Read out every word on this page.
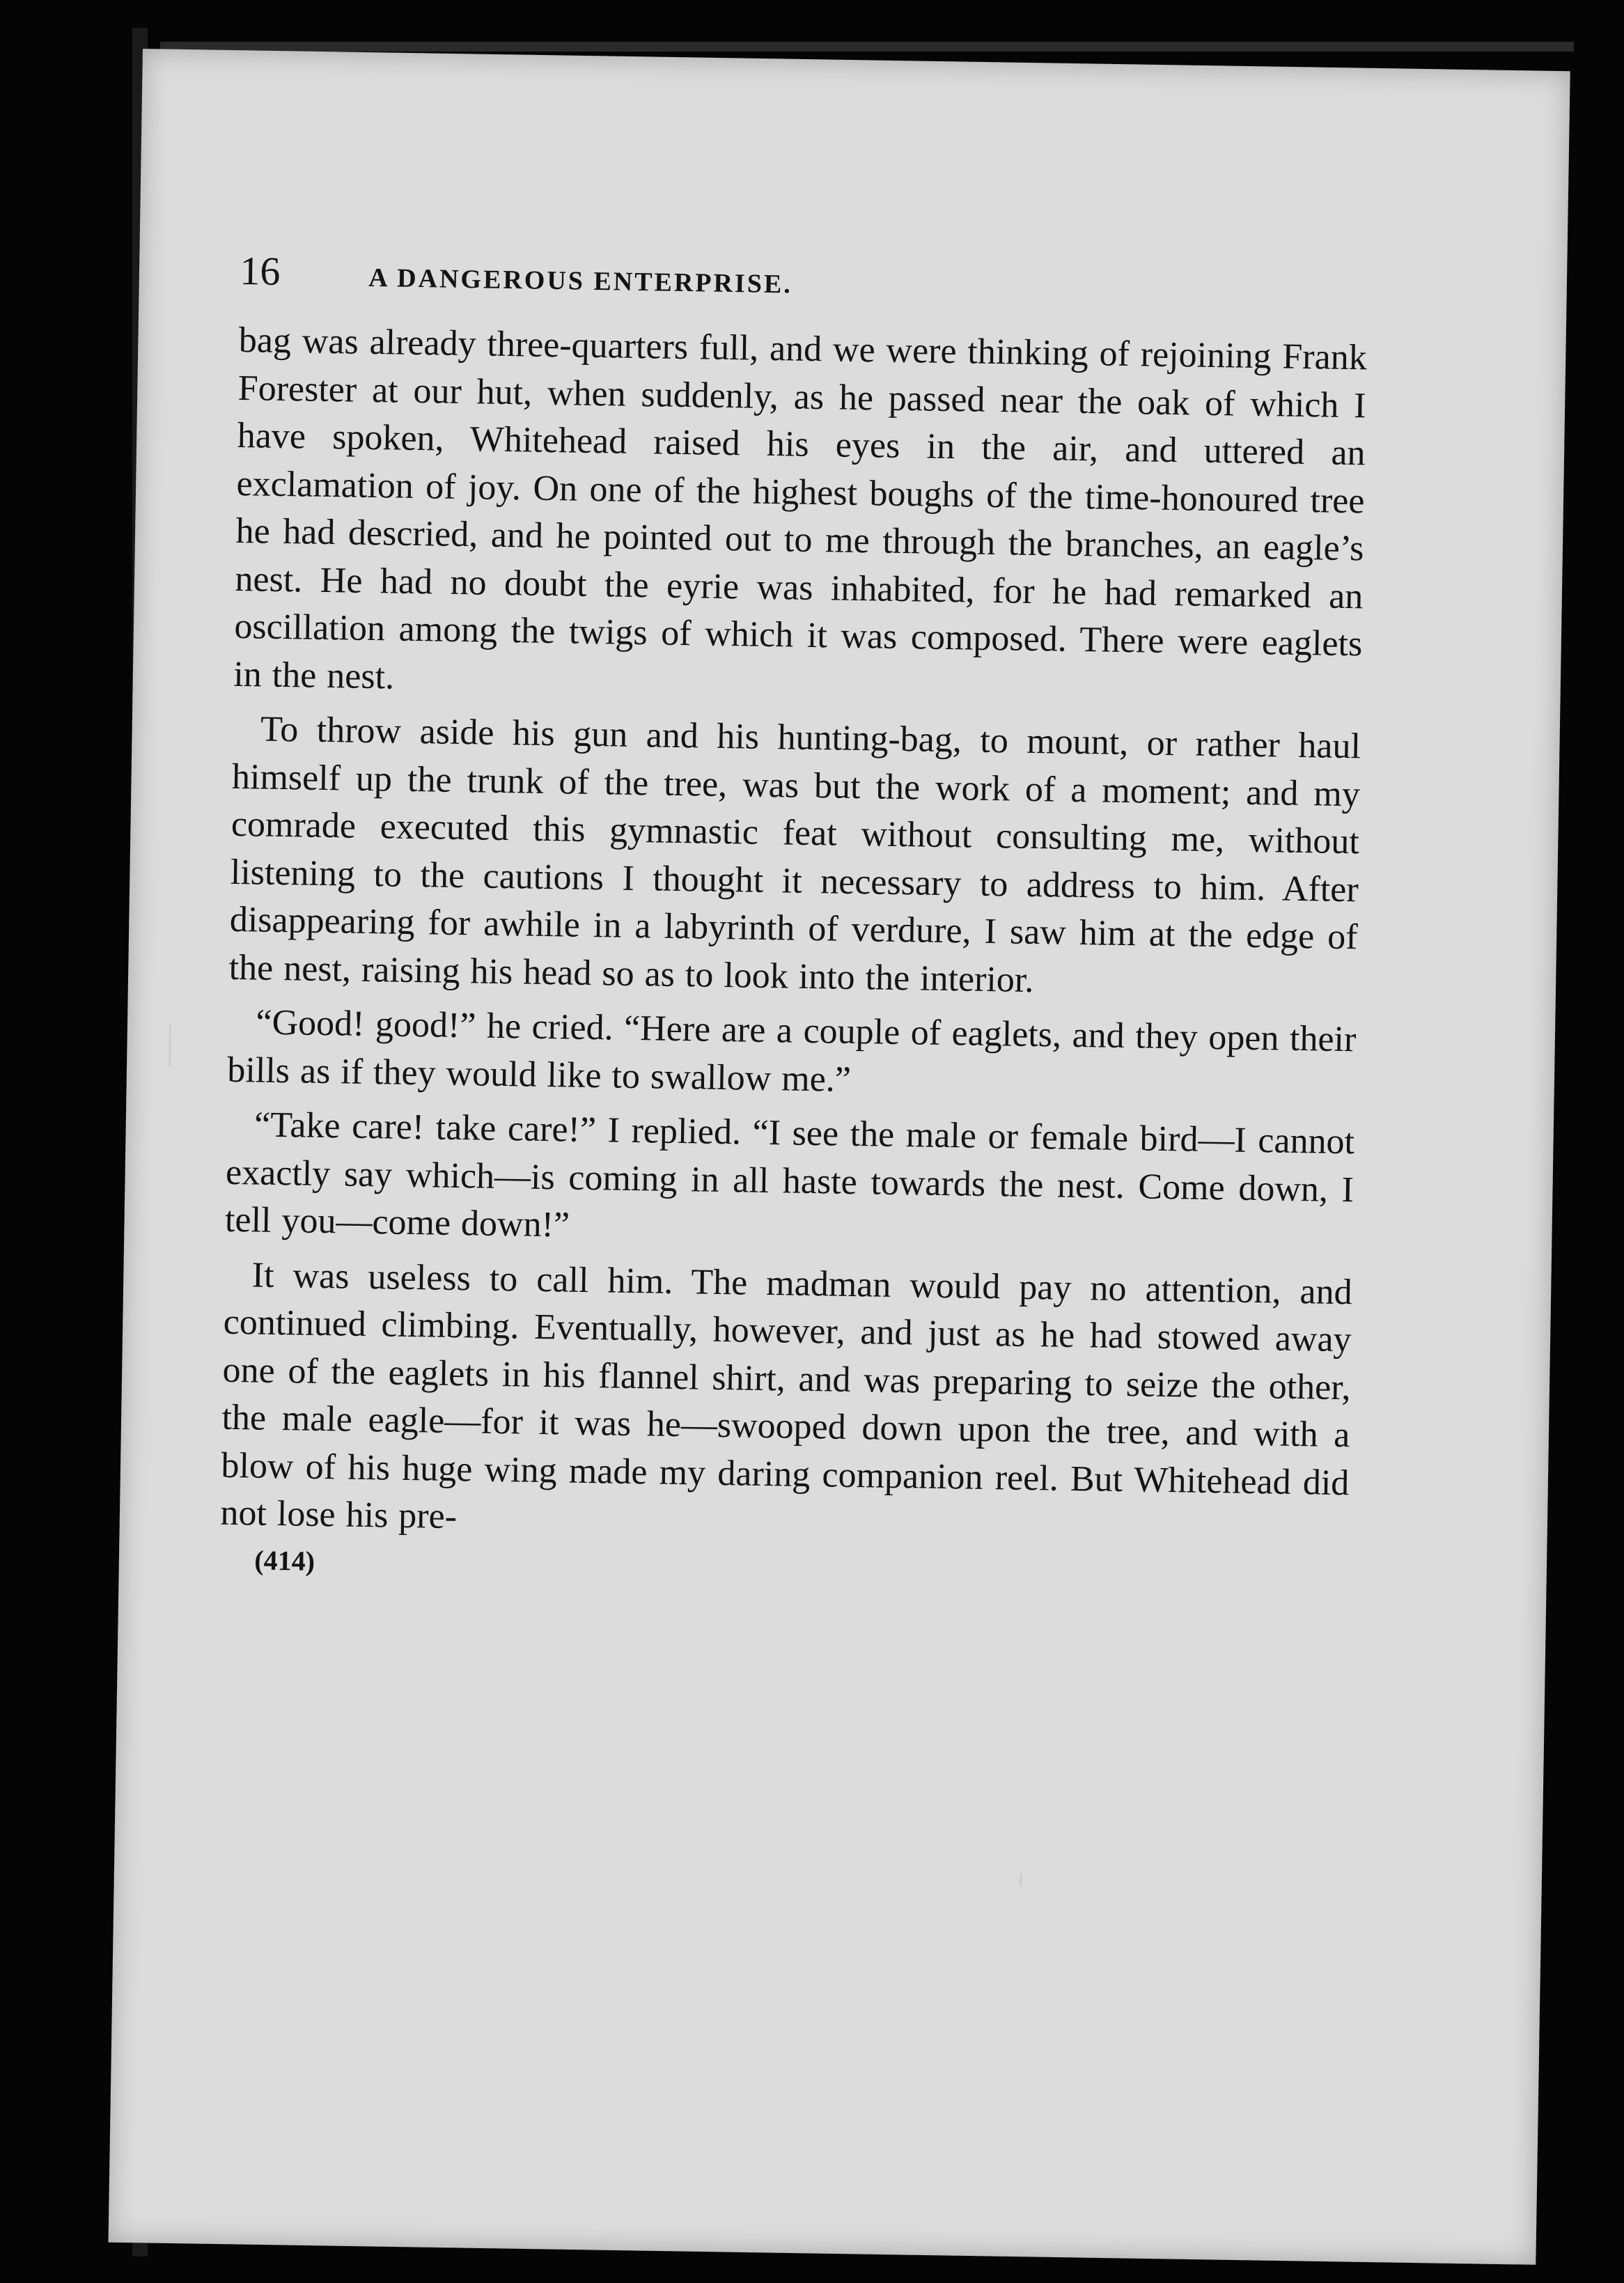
16	A DANGEROUS ENTERPRISE.

bag was already three-quarters full, and we were thinking of rejoining Frank Forester at our hut, when suddenly, as he passed near the oak of which I have spoken, Whitehead raised his eyes in the air, and uttered an exclamation of joy. On one of the highest boughs of the time-honoured tree he had descried, and he pointed out to me through the branches, an eagle’s nest. He had no doubt the eyrie was inhabited, for he had remarked an oscillation among the twigs of which it was composed. There were eaglets in the nest.

To throw aside his gun and his hunting-bag, to mount, or rather haul himself up the trunk of the tree, was but the work of a moment; and my comrade executed this gymnastic feat without consulting me, without listening to the cautions I thought it necessary to address to him. After disappearing for awhile in a labyrinth of verdure, I saw him at the edge of the nest, raising his head so as to look into the interior.

“Good! good!” he cried. “Here are a couple of eaglets, and they open their bills as if they would like to swallow me.”

“Take care! take care!” I replied. “I see the male or female bird—I cannot exactly say which—is coming in all haste towards the nest. Come down, I tell you—come down!”

It was useless to call him. The madman would pay no attention, and continued climbing. Eventually, however, and just as he had stowed away one of the eaglets in his flannel shirt, and was preparing to seize the other, the male eagle—for it was he—swooped down upon the tree, and with a blow of his huge wing made my daring companion reel. But Whitehead did not lose his pre-

(414)
